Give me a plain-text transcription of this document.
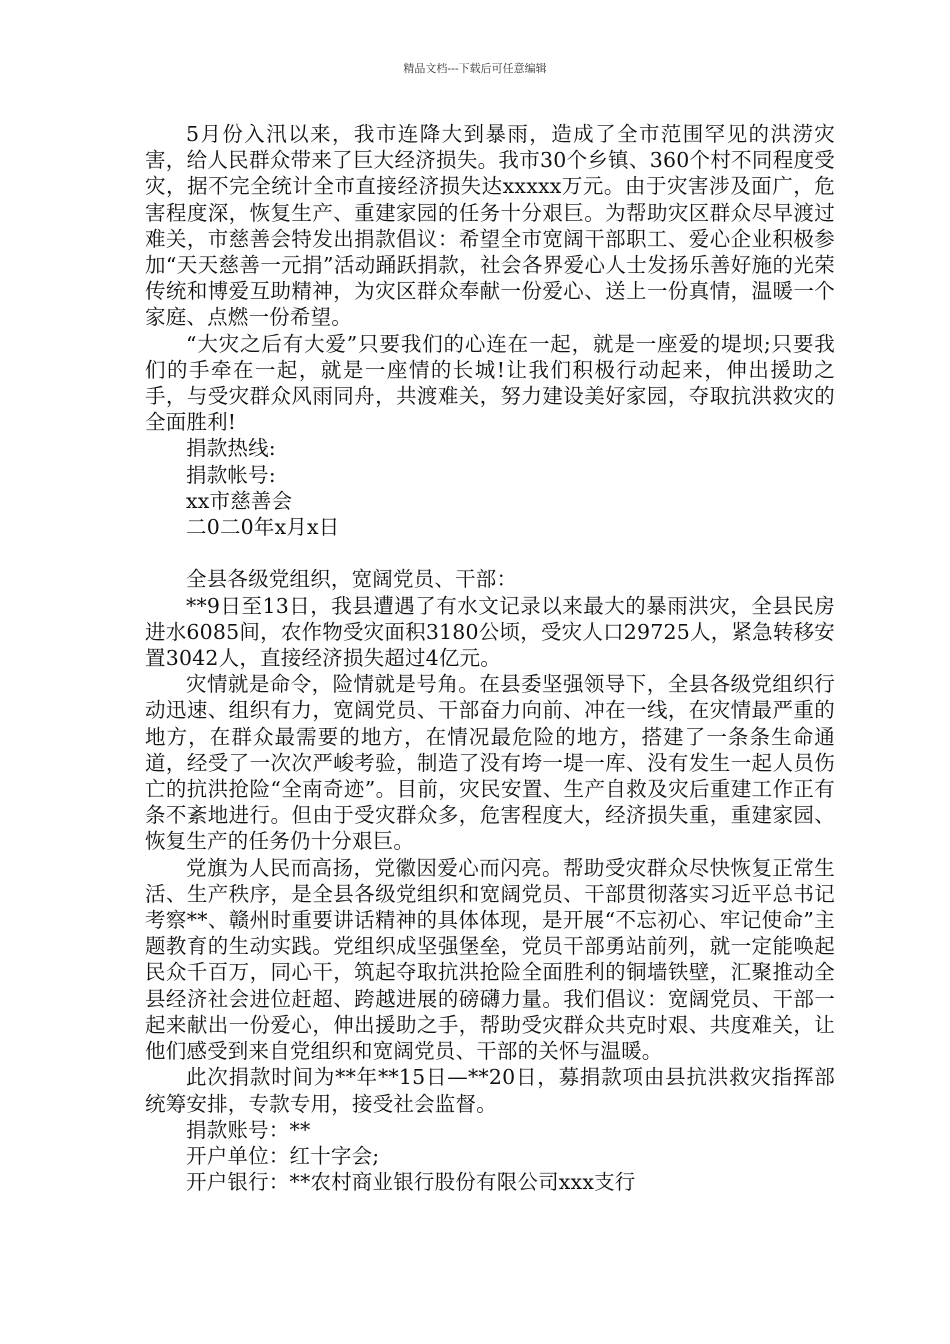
精品文档---下载后可任意编辑

5月份入汛以来，我市连降大到暴雨，造成了全市范围罕见的洪涝灾害，给人民群众带来了巨大经济损失。我市30个乡镇、360个村不同程度受灾，据不完全统计全市直接经济损失达xxxxx万元。由于灾害涉及面广，危害程度深，恢复生产、重建家园的任务十分艰巨。为帮助灾区群众尽早渡过难关，市慈善会特发出捐款倡议：希望全市宽阔干部职工、爱心企业积极参加“天天慈善一元捐”活动踊跃捐款，社会各界爱心人士发扬乐善好施的光荣传统和博爱互助精神，为灾区群众奉献一份爱心、送上一份真情，温暖一个家庭、点燃一份希望。

“大灾之后有大爱”只要我们的心连在一起，就是一座爱的堤坝;只要我们的手牵在一起，就是一座情的长城!让我们积极行动起来，伸出援助之手，与受灾群众风雨同舟，共渡难关，努力建设美好家园，夺取抗洪救灾的全面胜利!

捐款热线:

捐款帐号:

xx市慈善会

二0二0年x月x日

全县各级党组织，宽阔党员、干部：

**9日至13日，我县遭遇了有水文记录以来最大的暴雨洪灾，全县民房进水6085间，农作物受灾面积3180公顷，受灾人口29725人，紧急转移安置3042人，直接经济损失超过4亿元。

灾情就是命令，险情就是号角。在县委坚强领导下，全县各级党组织行动迅速、组织有力，宽阔党员、干部奋力向前、冲在一线，在灾情最严重的地方，在群众最需要的地方，在情况最危险的地方，搭建了一条条生命通道，经受了一次次严峻考验，制造了没有垮一堤一库、没有发生一起人员伤亡的抗洪抢险“全南奇迹”。目前，灾民安置、生产自救及灾后重建工作正有条不紊地进行。但由于受灾群众多，危害程度大，经济损失重，重建家园、恢复生产的任务仍十分艰巨。

党旗为人民而高扬，党徽因爱心而闪亮。帮助受灾群众尽快恢复正常生活、生产秩序，是全县各级党组织和宽阔党员、干部贯彻落实习近平总书记考察**、赣州时重要讲话精神的具体体现，是开展“不忘初心、牢记使命”主题教育的生动实践。党组织成坚强堡垒，党员干部勇站前列，就一定能唤起民众千百万，同心干，筑起夺取抗洪抢险全面胜利的铜墙铁壁，汇聚推动全县经济社会进位赶超、跨越进展的磅礴力量。我们倡议：宽阔党员、干部一起来献出一份爱心，伸出援助之手，帮助受灾群众共克时艰、共度难关，让他们感受到来自党组织和宽阔党员、干部的关怀与温暖。

此次捐款时间为**年**15日—**20日，募捐款项由县抗洪救灾指挥部统筹安排，专款专用，接受社会监督。

捐款账号：**

开户单位：红十字会;

开户银行：**农村商业银行股份有限公司xxx支行
